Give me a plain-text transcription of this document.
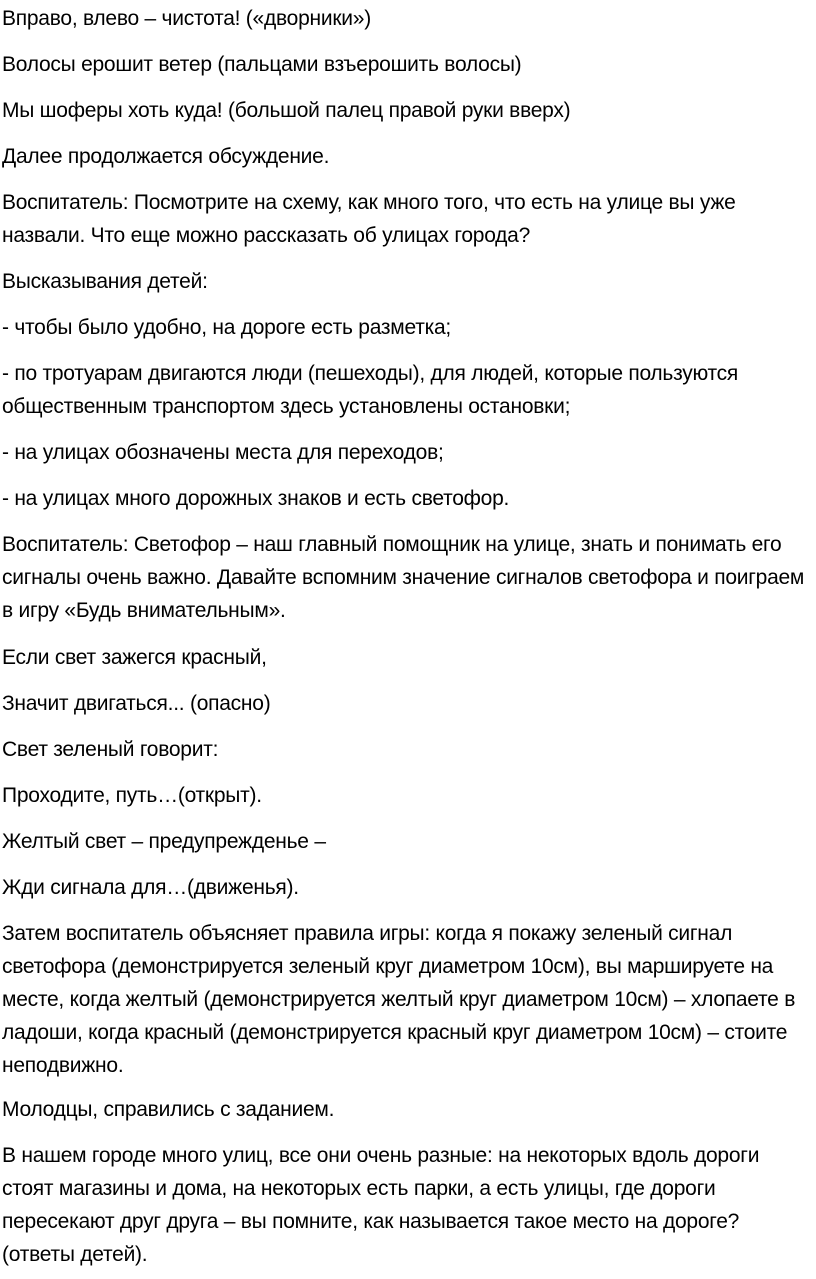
Вправо, влево – чистота! («дворники»)

Волосы ерошит ветер (пальцами взъерошить волосы)

Мы шоферы хоть куда! (большой палец правой руки вверх)

Далее продолжается обсуждение.

Воспитатель: Посмотрите на схему, как много того, что есть на улице вы уже назвали. Что еще можно рассказать об улицах города?

Высказывания детей:

- чтобы было удобно, на дороге есть разметка;

- по тротуарам двигаются люди (пешеходы), для людей, которые пользуются общественным транспортом здесь установлены остановки;

- на улицах обозначены места для переходов;

- на улицах много дорожных знаков и есть светофор.

Воспитатель: Светофор – наш главный помощник на улице, знать и понимать его сигналы очень важно. Давайте вспомним значение сигналов светофора и поиграем в игру «Будь внимательным».

Если свет зажегся красный,

Значит двигаться... (опасно)

Свет зеленый говорит:

Проходите, путь…(открыт).

Желтый свет – предупрежденье –

Жди сигнала для…(движенья).

Затем воспитатель объясняет правила игры: когда я покажу зеленый сигнал светофора (демонстрируется зеленый круг диаметром 10см), вы маршируете на месте, когда желтый (демонстрируется желтый круг диаметром 10см) – хлопаете в ладоши, когда красный (демонстрируется красный круг диаметром 10см) – стоите неподвижно.

Молодцы, справились с заданием.

В нашем городе много улиц, все они очень разные: на некоторых вдоль дороги стоят магазины и дома, на некоторых есть парки, а есть улицы, где дороги пересекают друг друга – вы помните, как называется такое место на дороге? (ответы детей).
